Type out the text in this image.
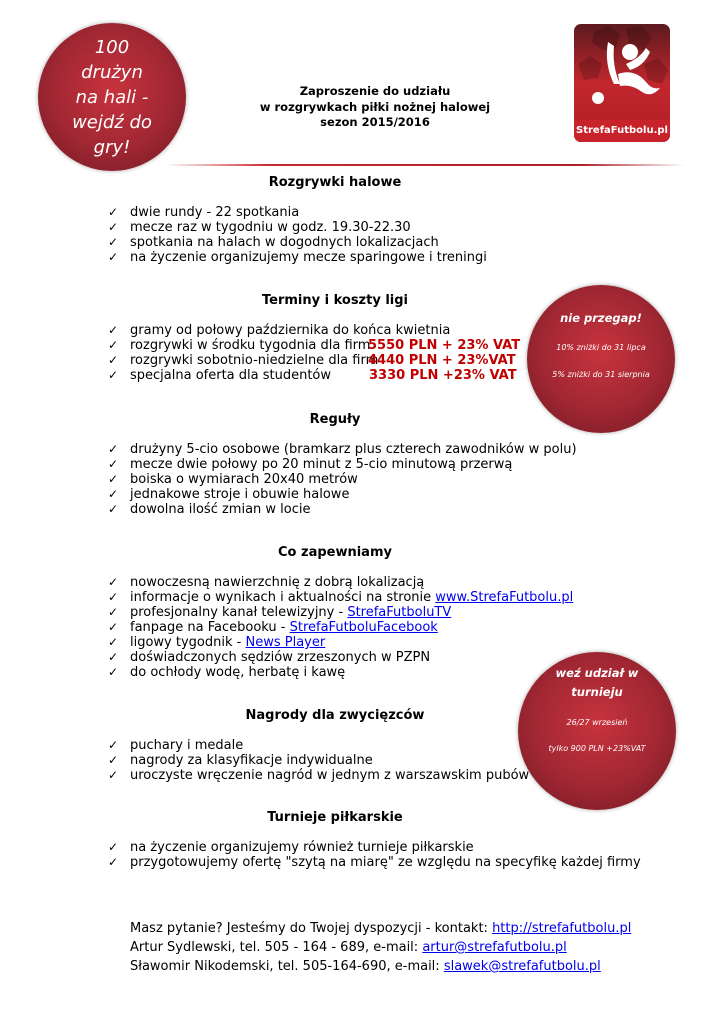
100 drużyn
na hali -
wejdź do
gry!
Zaproszenie do udziału
w rozgrywkach piłki nożnej halowej
sezon 2015/2016
StrefaFutbolu.pl
Rozgrywki halowe
✓ dwie rundy - 22 spotkania
✓ mecze raz w tygodniu w godz. 19.30-22.30
✓ spotkania na halach w dogodnych lokalizacjach
✓ na życzenie organizujemy mecze sparingowe i treningi
Terminy i koszty ligi
✓ gramy od połowy października do końca kwietnia
✓ rozgrywki w środku tygodnia dla firm
5550 PLN + 23% VAT
✓ rozgrywki sobotnio-niedzielne dla firm
4440 PLN + 23%VAT
✓ specjalna oferta dla studentów	3330 PLN +23% VAT
nie przegap!
10% zniżki do 31 lipca
5% zniżki do 31 sierpnia
Reguły
✓ drużyny 5-cio osobowe (bramkarz plus czterech zawodników w polu)
✓ mecze dwie połowy po 20 minut z 5-cio minutową przerwą
✓ boiska o wymiarach 20x40 metrów
✓ jednakowe stroje i obuwie halowe
✓ dowolna ilość zmian w locie
Co zapewniamy
✓ nowoczesną nawierzchnię z dobrą lokalizacją
✓ informacje o wynikach i aktualności na stronie www.StrefaFutbolu.pl
✓ profesjonalny kanał telewizyjny - StrefaFutboluTV
✓ fanpage na Facebooku - StrefaFutboluFacebook
✓ ligowy tygodnik - News Player
✓ doświadczonych sędziów zrzeszonych w PZPN
✓ do ochłody wodę, herbatę i kawę	weź udział w
turnieju
26/27 wrzesień
tylko 900 PLN +23%VAT
Nagrody dla zwycięzców
✓ puchary i medale
✓ nagrody za klasyfikacje indywidualne
✓ uroczyste wręczenie nagród w jednym z warszawskim pubów
Turnieje piłkarskie
✓ na życzenie organizujemy również turnieje piłkarskie
✓ przygotowujemy ofertę "szytą na miarę" ze względu na specyfikę każdej firmy
Masz pytanie? Jesteśmy do Twojej dyspozycji - kontakt: http://strefafutbolu.pl
Artur Sydlewski, tel. 505 - 164 - 689, e-mail: artur@strefafutbolu.pl
Sławomir Nikodemski, tel. 505-164-690, e-mail: slawek@strefafutbolu.pl
